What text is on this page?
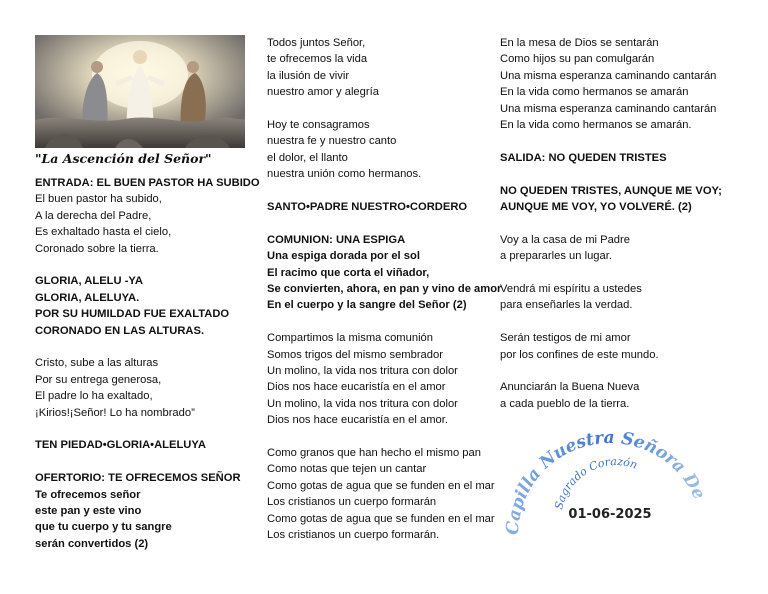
"La Ascención del Señor"
ENTRADA: EL BUEN PASTOR HA SUBIDO
El buen pastor ha subido,
A la derecha del Padre,
Es exhaltado hasta el cielo,
Coronado sobre la tierra.
GLORIA, ALELU -YA
GLORIA, ALELUYA.
POR SU HUMILDAD FUE EXALTADO
CORONADO EN LAS ALTURAS.
Cristo, sube a las alturas
Por su entrega generosa,
El padre lo ha exaltado,
¡Kirios!¡Señor! Lo ha nombrado”
TEN PIEDAD•GLORIA•ALELUYA
OFERTORIO: TE OFRECEMOS SEÑOR
Te ofrecemos señor
este pan y este vino
que tu cuerpo y tu sangre
serán convertidos (2)
Todos juntos Señor,
te ofrecemos la vida
la ilusión de vivir
nuestro amor y alegría
Hoy te consagramos
nuestra fe y nuestro canto
el dolor, el llanto
nuestra unión como hermanos.
SANTO•PADRE NUESTRO•CORDERO
COMUNION: UNA ESPIGA
Una espiga dorada por el sol
El racimo que corta el viñador,
Se convierten, ahora, en pan y vino de amor
En el cuerpo y la sangre del Señor (2)
Compartimos la misma comunión
Somos trigos del mismo sembrador
Un molino, la vida nos tritura con dolor
Dios nos hace eucaristía en el amor
Un molino, la vida nos tritura con dolor
Dios nos hace eucaristía en el amor.
Como granos que han hecho el mismo pan
Como notas que tejen un cantar
Como gotas de agua que se funden en el mar
Los cristianos un cuerpo formarán
Como gotas de agua que se funden en el mar
Los cristianos un cuerpo formarán.
En la mesa de Dios se sentarán
Como hijos su pan comulgarán
Una misma esperanza caminando cantarán
En la vida como hermanos se amarán
Una misma esperanza caminando cantarán
En la vida como hermanos se amarán.
SALIDA: NO QUEDEN TRISTES
NO QUEDEN TRISTES, AUNQUE ME VOY;
AUNQUE ME VOY, YO VOLVERÉ. (2)
Voy a la casa de mi Padre
a prepararles un lugar.
Vendrá mi espíritu a ustedes
para enseñarles la verdad.
Serán testigos de mi amor
por los confines de este mundo.
Anunciarán la Buena Nueva
a cada pueblo de la tierra.
Capilla Nuestra Señora De
Sagrado Corazón
01-06-2025
